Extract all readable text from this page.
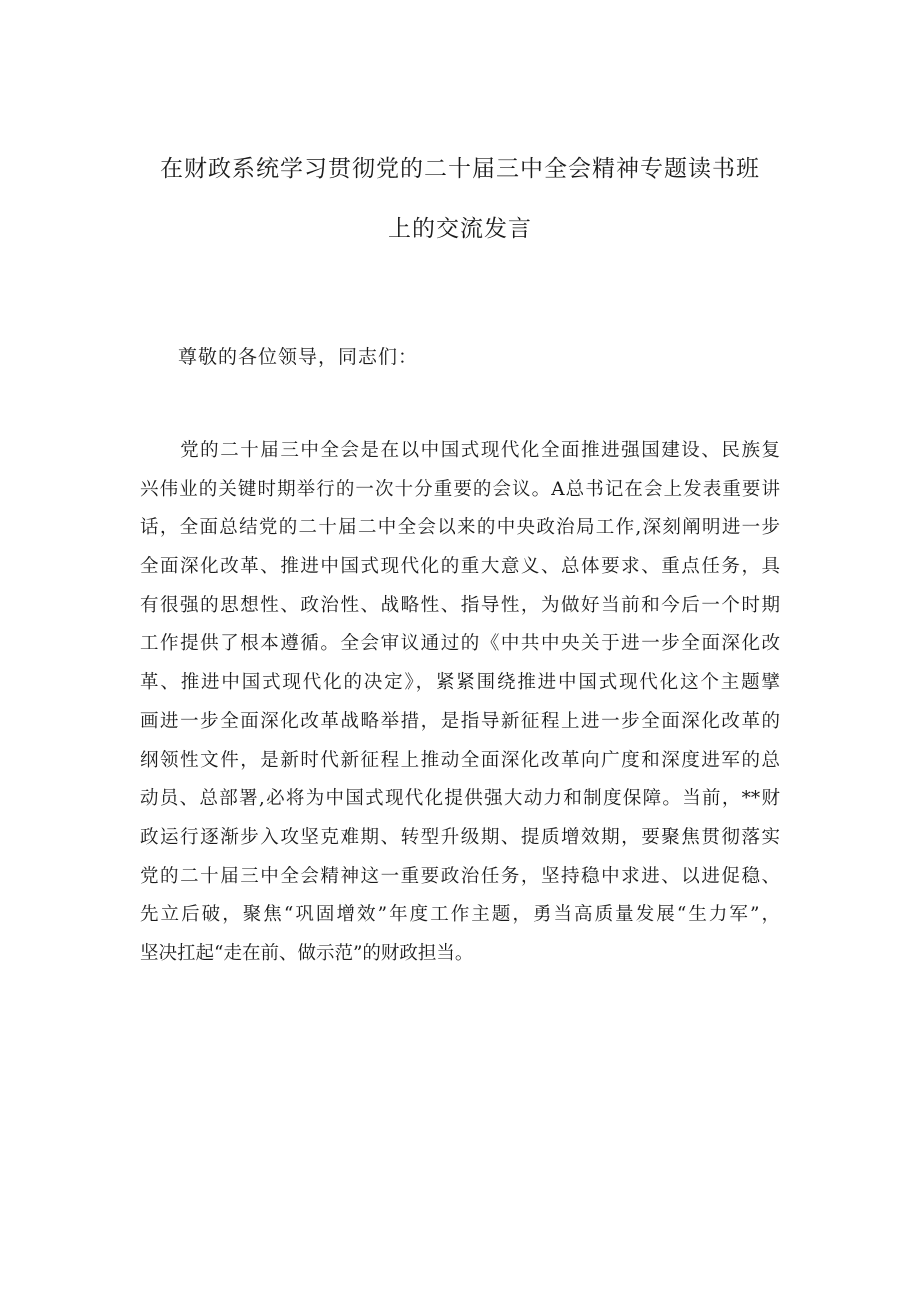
在财政系统学习贯彻党的二十届三中全会精神专题读书班
上的交流发言

尊敬的各位领导，同志们：

　　党的二十届三中全会是在以中国式现代化全面推进强国建设、民族复
兴伟业的关键时期举行的一次十分重要的会议。A总书记在会上发表重要讲
话，全面总结党的二十届二中全会以来的中央政治局工作,深刻阐明进一步
全面深化改革、推进中国式现代化的重大意义、总体要求、重点任务，具
有很强的思想性、政治性、战略性、指导性，为做好当前和今后一个时期
工作提供了根本遵循。全会审议通过的《中共中央关于进一步全面深化改
革、推进中国式现代化的决定》，紧紧围绕推进中国式现代化这个主题擘
画进一步全面深化改革战略举措，是指导新征程上进一步全面深化改革的
纲领性文件，是新时代新征程上推动全面深化改革向广度和深度进军的总
动员、总部署,必将为中国式现代化提供强大动力和制度保障。当前，**财
政运行逐渐步入攻坚克难期、转型升级期、提质增效期，要聚焦贯彻落实
党的二十届三中全会精神这一重要政治任务，坚持稳中求进、以进促稳、
先立后破，聚焦“巩固增效”年度工作主题，勇当高质量发展“生力军”，
坚决扛起“走在前、做示范”的财政担当。
